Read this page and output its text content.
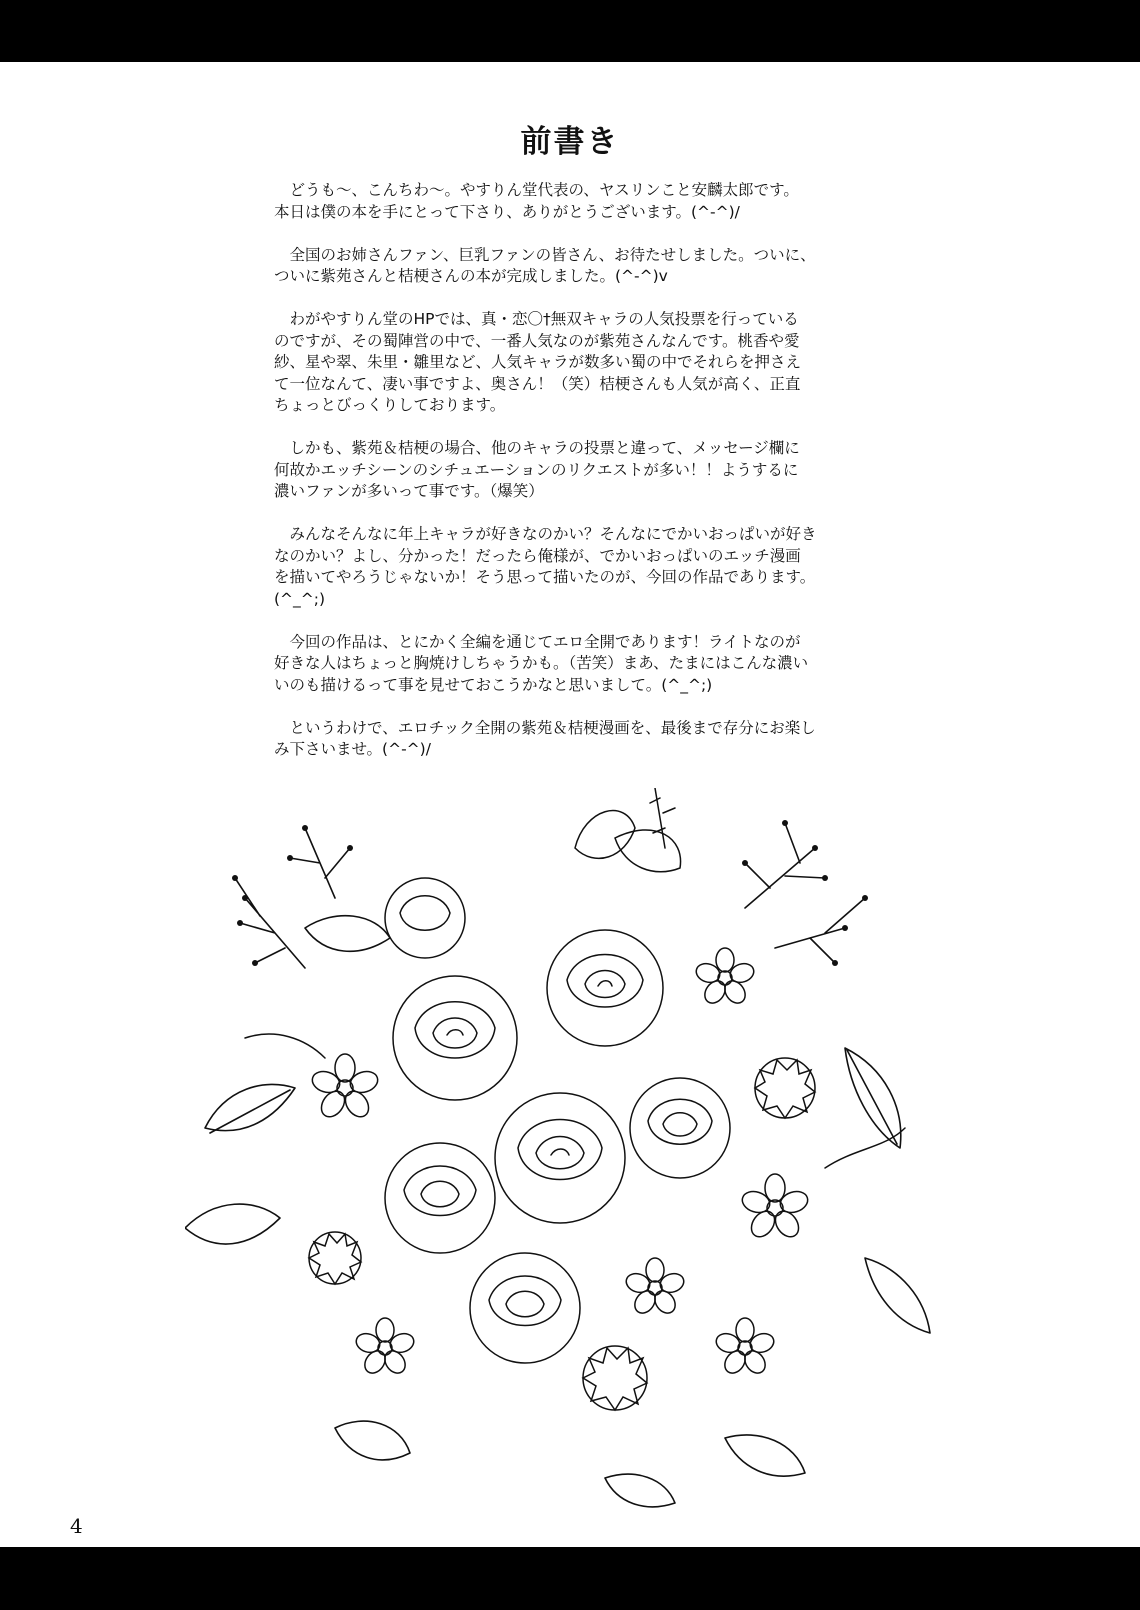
前書き

　どうも～、こんちわ～。やすりん堂代表の、ヤスリンこと安麟太郎です。
本日は僕の本を手にとって下さり、ありがとうございます。(^-^)/

　全国のお姉さんファン、巨乳ファンの皆さん、お待たせしました。ついに、
ついに紫苑さんと桔梗さんの本が完成しました。(^-^)v

　わがやすりん堂のHPでは、真・恋〇†無双キャラの人気投票を行っている
のですが、その蜀陣営の中で、一番人気なのが紫苑さんなんです。桃香や愛
紗、星や翠、朱里・雛里など、人気キャラが数多い蜀の中でそれらを押さえ
て一位なんて、凄い事ですよ、奥さん！（笑）桔梗さんも人気が高く、正直
ちょっとびっくりしております。

　しかも、紫苑＆桔梗の場合、他のキャラの投票と違って、メッセージ欄に
何故かエッチシーンのシチュエーションのリクエストが多い！！ようするに
濃いファンが多いって事です。（爆笑）

　みんなそんなに年上キャラが好きなのかい？そんなにでかいおっぱいが好き
なのかい？よし、分かった！だったら俺様が、でかいおっぱいのエッチ漫画
を描いてやろうじゃないか！そう思って描いたのが、今回の作品であります。
(^_^;)

　今回の作品は、とにかく全編を通じてエロ全開であります！ライトなのが
好きな人はちょっと胸焼けしちゃうかも。（苦笑）まあ、たまにはこんな濃い
いのも描けるって事を見せておこうかなと思いまして。(^_^;)

　というわけで、エロチック全開の紫苑＆桔梗漫画を、最後まで存分にお楽し
み下さいませ。(^-^)/

4
